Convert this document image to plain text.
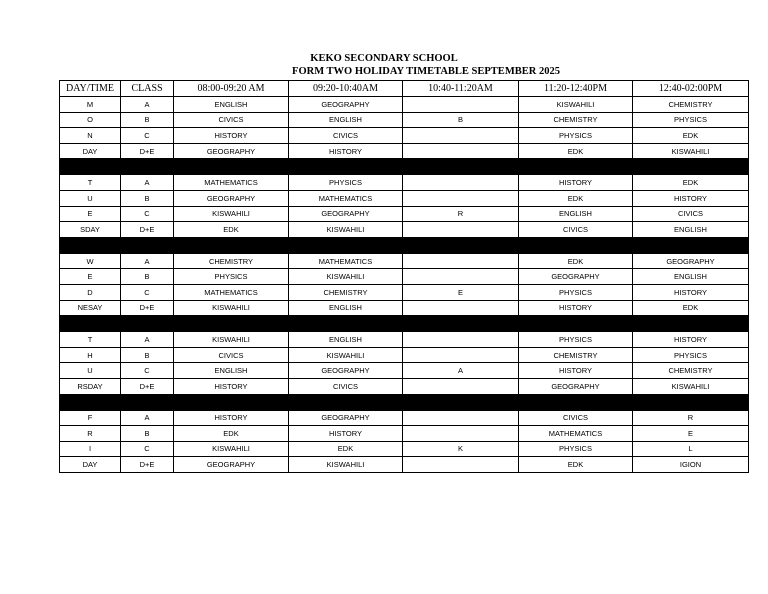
KEKO SECONDARY SCHOOL
FORM TWO HOLIDAY TIMETABLE SEPTEMBER 2025
DAY/TIME	CLASS	08:00-09:20 AM	09:20-10:40AM	10:40-11:20AM	11:20-12:40PM	12:40-02:00PM
M	A	ENGLISH	GEOGRAPHY		KISWAHILI	CHEMISTRY
O	B	CIVICS	ENGLISH	B	CHEMISTRY	PHYSICS
N	C	HISTORY	CIVICS		PHYSICS	EDK
DAY	D+E	GEOGRAPHY	HISTORY		EDK	KISWAHILI

T	A	MATHEMATICS	PHYSICS		HISTORY	EDK
U	B	GEOGRAPHY	MATHEMATICS		EDK	HISTORY
E	C	KISWAHILI	GEOGRAPHY	R	ENGLISH	CIVICS
SDAY	D+E	EDK	KISWAHILI		CIVICS	ENGLISH

W	A	CHEMISTRY	MATHEMATICS		EDK	GEOGRAPHY
E	B	PHYSICS	KISWAHILI		GEOGRAPHY	ENGLISH
D	C	MATHEMATICS	CHEMISTRY	E	PHYSICS	HISTORY
NESAY	D+E	KISWAHILI	ENGLISH		HISTORY	EDK

T	A	KISWAHILI	ENGLISH		PHYSICS	HISTORY
H	B	CIVICS	KISWAHILI		CHEMISTRY	PHYSICS
U	C	ENGLISH	GEOGRAPHY	A	HISTORY	CHEMISTRY
RSDAY	D+E	HISTORY	CIVICS		GEOGRAPHY	KISWAHILI

F	A	HISTORY	GEOGRAPHY		CIVICS	R
R	B	EDK	HISTORY		MATHEMATICS	E
I	C	KISWAHILI	EDK	K	PHYSICS	L
DAY	D+E	GEOGRAPHY	KISWAHILI		EDK	IGION
